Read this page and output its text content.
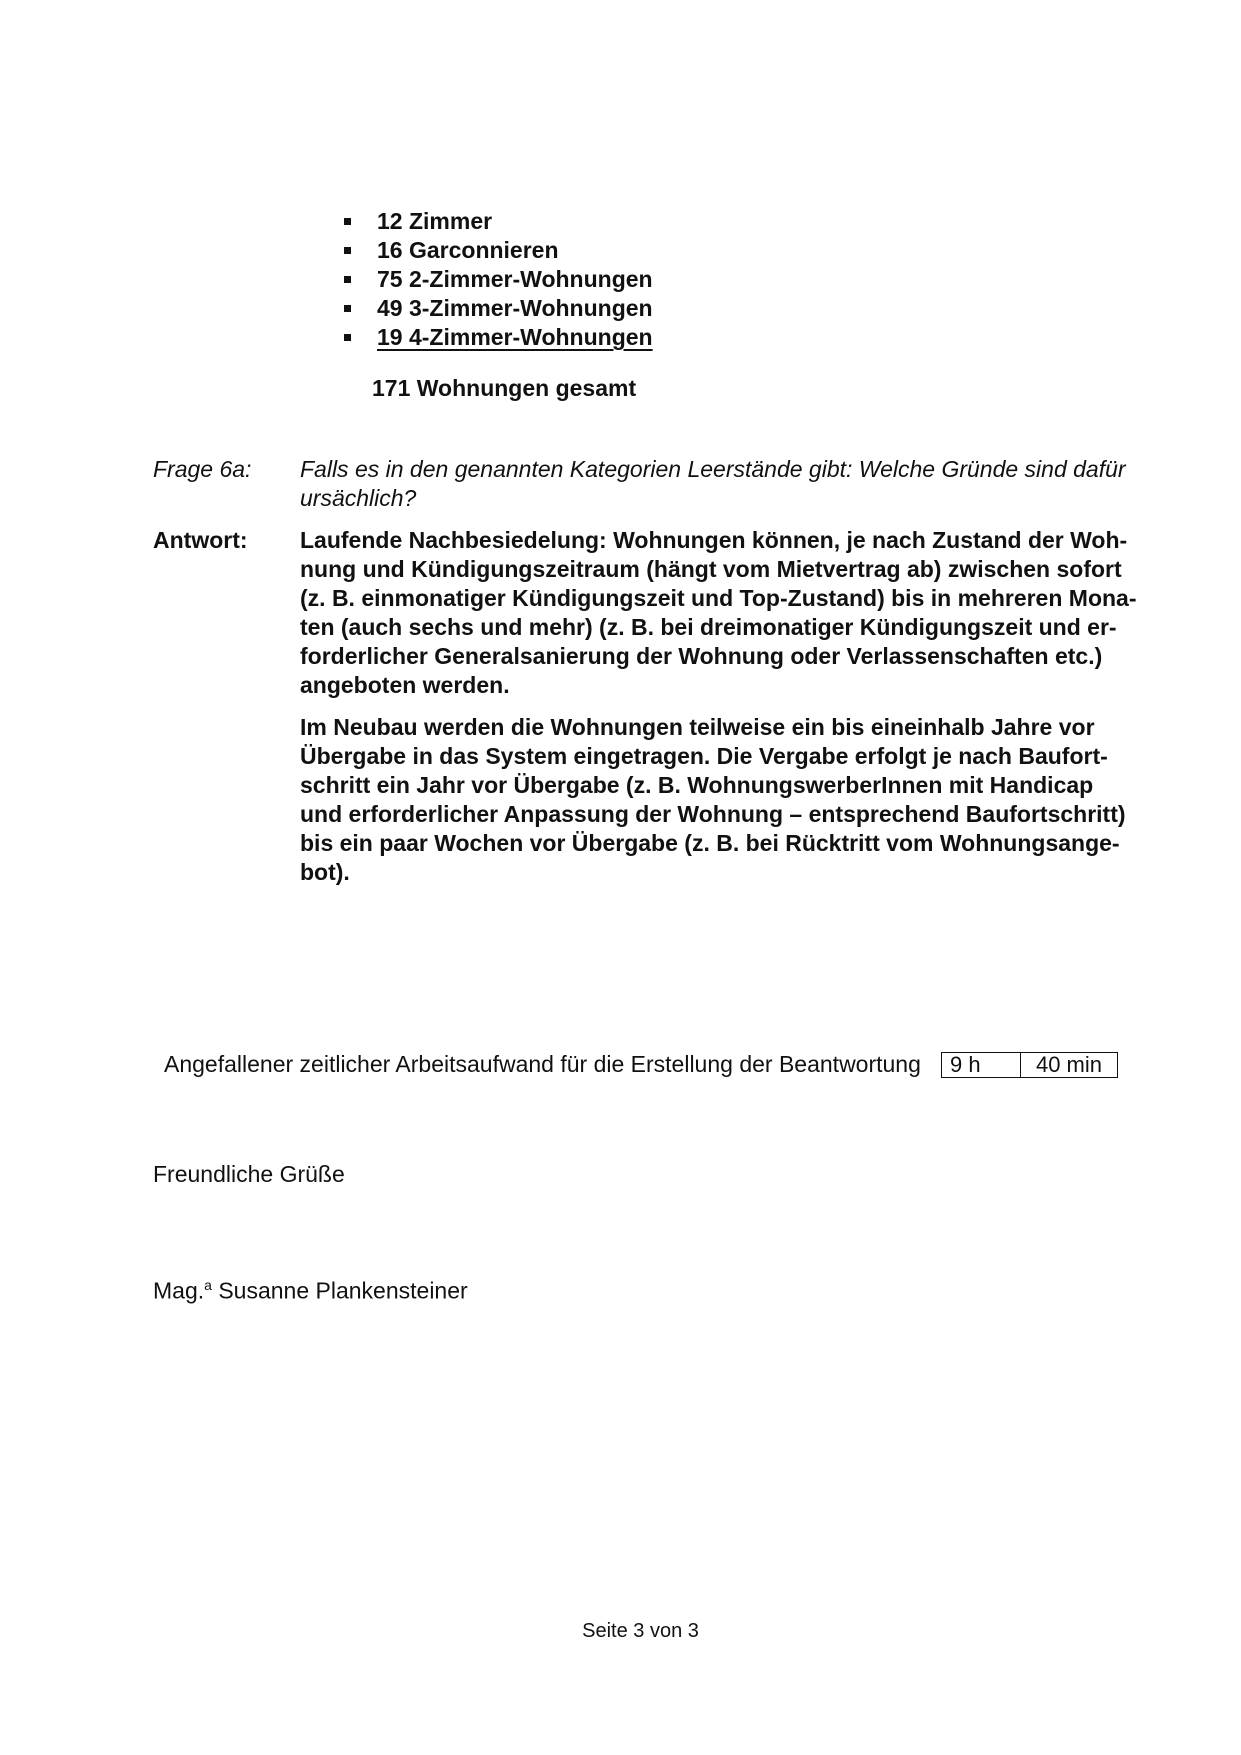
12 Zimmer
16 Garconnieren
75 2-Zimmer-Wohnungen
49 3-Zimmer-Wohnungen
19 4-Zimmer-Wohnungen
171 Wohnungen gesamt
Frage 6a: Falls es in den genannten Kategorien Leerstände gibt: Welche Gründe sind dafür
ursächlich?
Antwort: Laufende Nachbesiedelung: Wohnungen können, je nach Zustand der Woh-
nung und Kündigungszeitraum (hängt vom Mietvertrag ab) zwischen sofort
(z. B. einmonatiger Kündigungszeit und Top-Zustand) bis in mehreren Mona-
ten (auch sechs und mehr) (z. B. bei dreimonatiger Kündigungszeit und er-
forderlicher Generalsanierung der Wohnung oder Verlassenschaften etc.)
angeboten werden.
Im Neubau werden die Wohnungen teilweise ein bis eineinhalb Jahre vor
Übergabe in das System eingetragen. Die Vergabe erfolgt je nach Baufort-
schritt ein Jahr vor Übergabe (z. B. WohnungswerberInnen mit Handicap
und erforderlicher Anpassung der Wohnung – entsprechend Baufortschritt)
bis ein paar Wochen vor Übergabe (z. B. bei Rücktritt vom Wohnungsange-
bot).
Angefallener zeitlicher Arbeitsaufwand für die Erstellung der Beantwortung 9 h	40 min
Freundliche Grüße
Mag.$^a$ Susanne Plankensteiner
Seite 3 von 3
